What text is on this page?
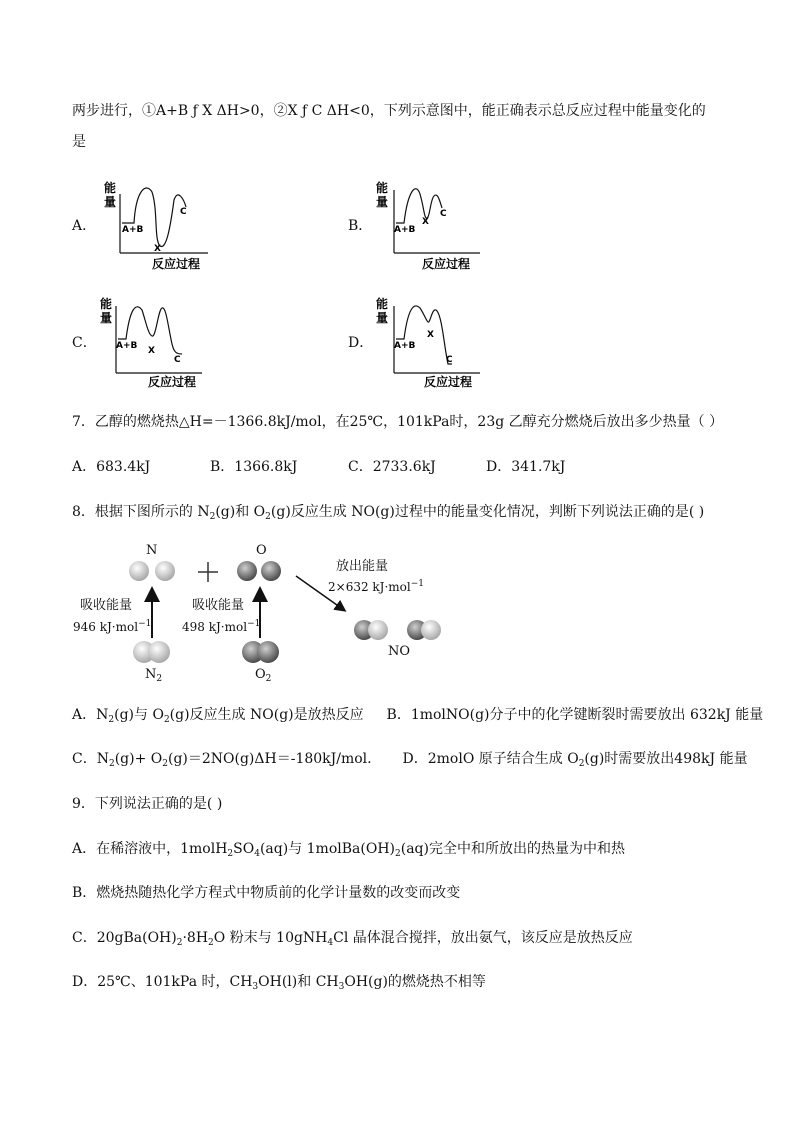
两步进行，①A+B ƒ X ΔH>0，②X ƒ C ΔH<0，下列示意图中，能正确表示总反应过程中能量变化的
是
A．	B．
C．	D．
能
量
A+B
X
C
反应过程
能
量
A+B
X
C
反应过程
能
量
A+B X
C
反应过程
能
量
A+B
X
C
反应过程
7．乙醇的燃烧热△H=－1366.8kJ/mol，在25℃，101kPa时，23g 乙醇充分燃烧后放出多少热量（ ）
A．683.4kJ	B．1366.8kJ	C．2733.6kJ	D．341.7kJ
8．根据下图所示的 $N_2(g)$和 $O_2(g)$反应生成 NO(g)过程中的能量变化情况，判断下列说法正确的是( )
N	O
放出能量
2×632 kJ·mol$^{-1}$
吸收能量
946 kJ·mol$^{-1}$
吸收能量
498 kJ·mol$^{-1}$
$N_2$	$O_2$
NO
A．$N_2(g)$与 $O_2(g)$反应生成 NO(g)是放热反应 B．1molNO(g)分子中的化学键断裂时需要放出 632kJ 能量
C．$N_2(g)+ O_2(g)=2NO(g)\Delta H=-180kJ/mol$. D．2molO 原子结合生成 $O_2(g)$时需要放出498kJ 能量
9．下列说法正确的是( )
A．在稀溶液中，$1molH_2SO_4(aq)$与 $1molBa(OH)_2(aq)$完全中和所放出的热量为中和热
B．燃烧热随热化学方程式中物质前的化学计量数的改变而改变
C．$20gBa(OH)_2\cdot 8H_2O$ 粉末与 10gNH$_4$Cl 晶体混合搅拌，放出氨气，该反应是放热反应
D．25℃、101kPa 时，$CH_3OH(l)$和 $CH_3OH(g)$的燃烧热不相等
